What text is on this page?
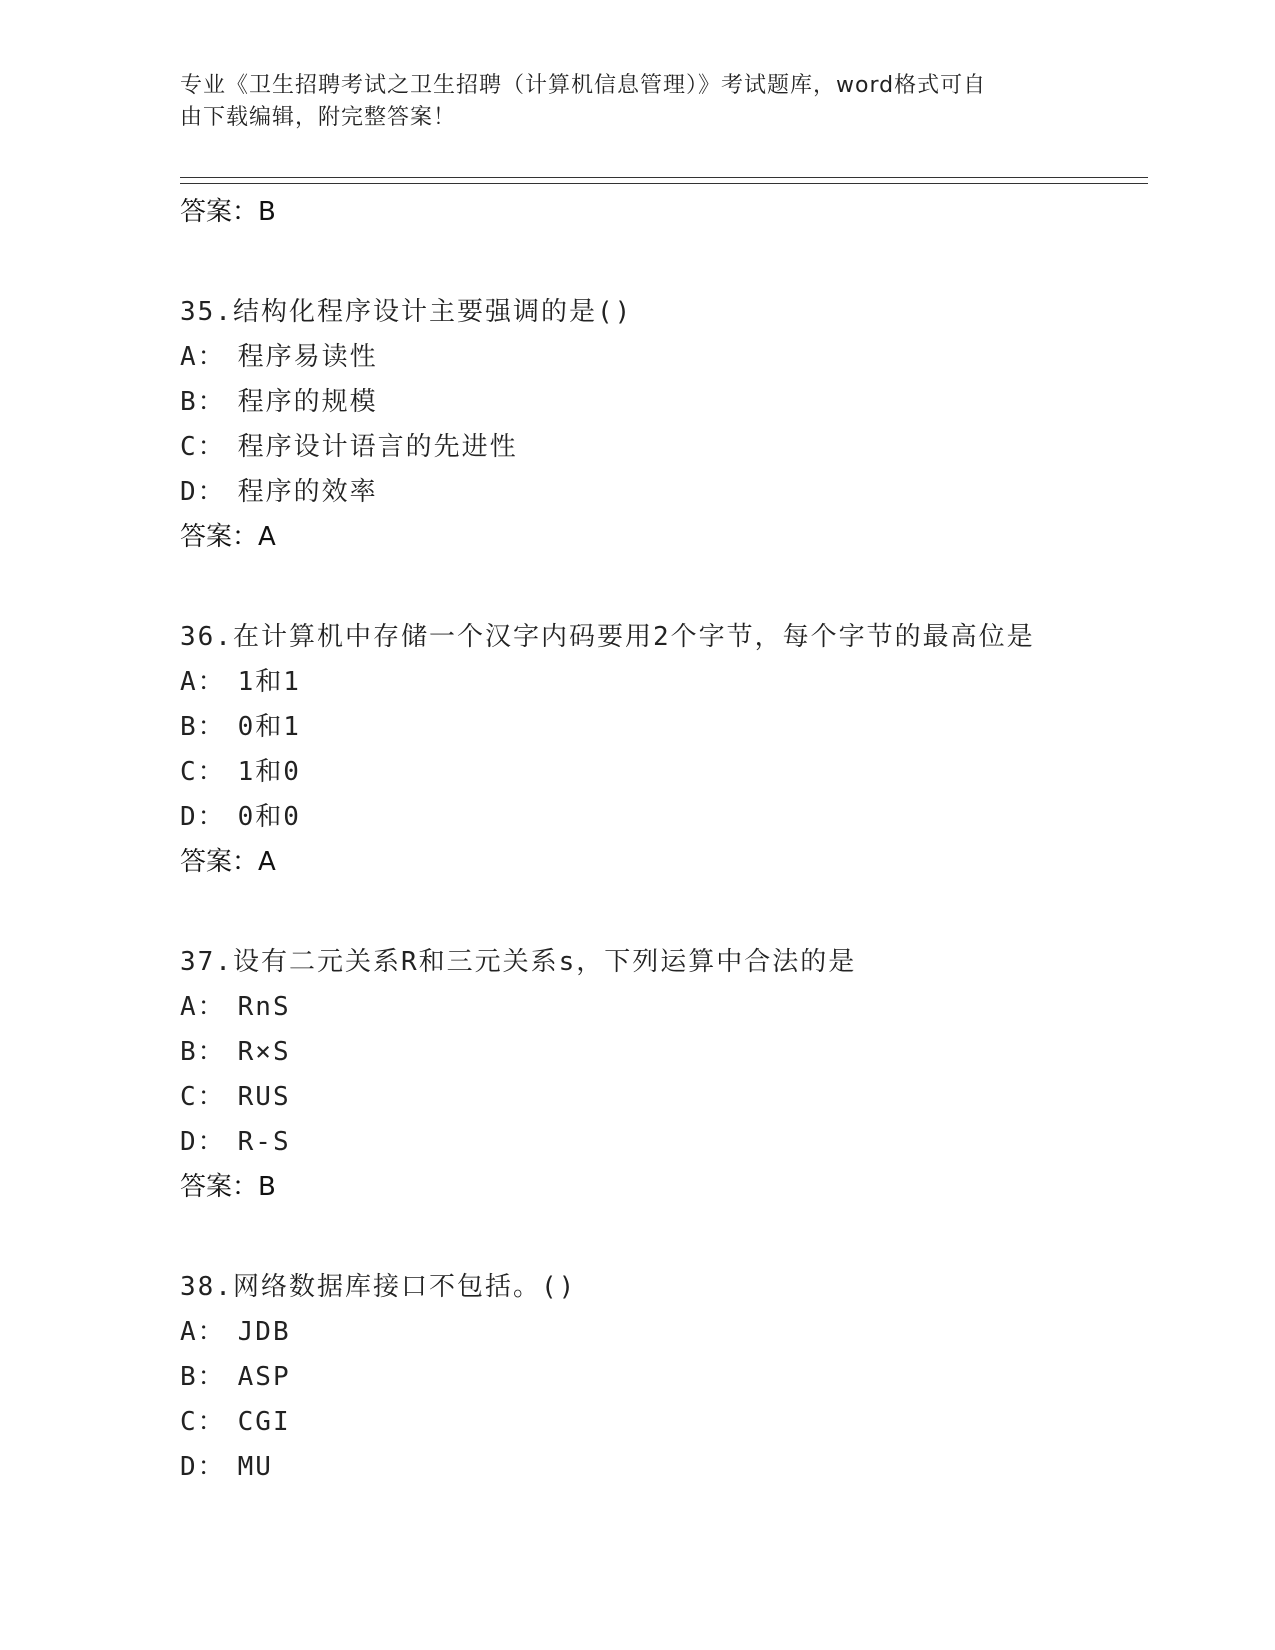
专业《卫生招聘考试之卫生招聘（计算机信息管理）》考试题库，word格式可自
由下载编辑，附完整答案！
答案：B
35.结构化程序设计主要强调的是()
A： 程序易读性
B： 程序的规模
C： 程序设计语言的先进性
D： 程序的效率
答案：A
36.在计算机中存储一个汉字内码要用2个字节，每个字节的最高位是
A： 1和1
B： 0和1
C： 1和0
D： 0和0
答案：A
37.设有二元关系R和三元关系s，下列运算中合法的是
A： RnS
B： R×S
C： RUS
D： R-S
答案：B
38.网络数据库接口不包括。()
A： JDB
B： ASP
C： CGI
D： MU
